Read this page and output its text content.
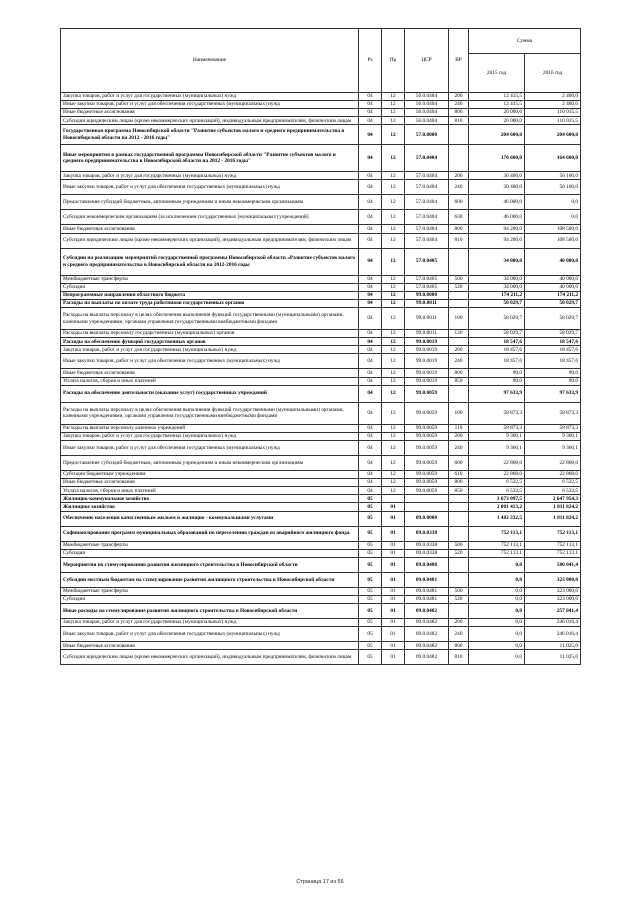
Наименование	Рз	Пр	ЦСР	ВР	Сумма	
					2015 год	2016 год
Закупка товаров, работ и услуг для государственных (муниципальных) нужд	04	12	56.0.0404	200	12 415,5	2 400,0
Иные закупки товаров, работ и услуг для обеспечения государственных (муниципальных) нужд	04	12	56.0.0404	240	12 415,5	2 400,0
Иные бюджетные ассигнования	04	12	56.0.0404	800	20 000,0	110 015,5
Субсидии юридическим лицам (кроме некоммерческих организаций), индивидуальным предпринимателям, физическим лицам	04	12	56.0.0404	810	20 000,0	110 015,5
Государственная программа Новосибирской области "Развитие субъектов малого и среднего предпринимательства в Новосибирской области на 2012 - 2016 годы"	04	12	57.0.0000		204 600,0	204 600,0
Иные мероприятия в рамках государственной программы Новосибирской области "Развитие субъектов малого и среднего предпринимательства в Новосибирской области на 2012 - 2016 годы"	04	12	57.0.0404		170 600,0	164 600,0
Закупка товаров, работ и услуг для государственных (муниципальных) нужд	04	12	57.0.0404	200	30 400,0	56 100,0
Иные закупки товаров, работ и услуг для обеспечения государственных (муниципальных) нужд	04	12	57.0.0404	240	30 400,0	56 100,0
Предоставление субсидий бюджетным, автономным учреждениям и иным некоммерческим организациям	04	12	57.0.0404	600	46 000,0	0,0
Субсидии некоммерческим организациям (за исключением государственных (муниципальных) учреждений)	04	12	57.0.0404	630	46 000,0	0,0
Иные бюджетные ассигнования	04	12	57.0.0404	800	94 200,0	108 500,0
Субсидии юридическим лицам (кроме некоммерческих организаций), индивидуальным предпринимателям, физическим лицам	04	12	57.0.0404	810	94 200,0	108 500,0
Субсидии на реализацию мероприятий государственной программы Новосибирской области «Развитие субъектов малого и среднего предпринимательства в Новосибирской области на 2012-2016 годы	04	12	57.0.0405		34 000,0	40 000,0
Межбюджетные трансферты	04	12	57.0.0405	500	34 000,0	40 000,0
Субсидии	04	12	57.0.0405	520	34 000,0	40 000,0
Непрограммные направления областного бюджета	04	12	99.0.0000		174 211,2	174 211,2
Расходы на выплаты по оплате труда работников государственных органов	04	12	99.0.0011		58 029,7	58 029,7
Расходы на выплаты персоналу в целях обеспечения выполнения функций государственными (муниципальными) органами, казенными учреждениями, органами управления государственными внебюджетными фондами	04	12	99.0.0011	100	58 029,7	58 029,7
Расходы на выплаты персоналу государственных (муниципальных) органов	04	12	99.0.0011	120	58 029,7	58 029,7
Расходы на обеспечение функций государственных органов	04	12	99.0.0019		18 547,6	18 547,6
Закупка товаров, работ и услуг для государственных (муниципальных) нужд	04	12	99.0.0019	200	18 457,6	18 457,6
Иные закупки товаров, работ и услуг для обеспечения государственных (муниципальных) нужд	04	12	99.0.0019	240	18 457,6	18 457,6
Иные бюджетные ассигнования	04	12	99.0.0019	800	90,0	90,0
Уплата налогов, сборов и иных платежей	04	12	99.0.0019	850	90,0	90,0
Расходы на обеспечение деятельности (оказание услуг) государственных учреждений	04	12	99.0.0059		97 633,9	97 633,9
Расходы на выплаты персоналу в целях обеспечения выполнения функций государственными (муниципальными) органами, казенными учреждениями, органами управления государственными внебюджетными фондами	04	12	99.0.0059	100	58 873,3	58 873,3
Расходы на выплаты персоналу казенных учреждений	04	12	99.0.0059	110	58 873,3	58 873,3
Закупка товаров, работ и услуг для государственных (муниципальных) нужд	04	12	99.0.0059	200	9 360,1	9 360,1
Иные закупки товаров, работ и услуг для обеспечения государственных (муниципальных) нужд	04	12	99.0.0059	240	9 360,1	9 360,1
Предоставление субсидий бюджетным, автономным учреждениям и иным некоммерческим организациям	04	12	99.0.0059	600	22 868,0	22 868,0
Субсидии бюджетным учреждениям	04	12	99.0.0059	610	22 868,0	22 868,0
Иные бюджетные ассигнования	04	12	99.0.0059	800	6 532,5	6 532,5
Уплата налогов, сборов и иных платежей	04	12	99.0.0059	850	6 532,5	6 532,5
Жилищно-коммунальное хозяйство	05				3 673 097,5	2 647 954,3
Жилищное хозяйство	05	01			2 001 413,2	1 811 824,2
Обеспечение населения качественным жильем и жилищно - коммунальными услугами	05	01	09.0.0000		1 482 332,5	1 811 824,2
Софинансирование программ муниципальных образований по переселению граждан из аварийного жилищного фонда	05	01	09.0.0338		752 113,1	752 113,1
Межбюджетные трансферты	05	01	09.0.0338	500	752 113,1	752 113,1
Субсидии	05	01	09.0.0338	520	752 113,1	752 113,1
Мероприятия по стимулированию развития жилищного строительства в Новосибирской области	05	01	09.0.0480		0,0	580 041,4
Субсидии местным бюджетам на стимулирование развития жилищного строительства в Новосибирской области	05	01	09.0.0481		0,0	323 000,0
Межбюджетные трансферты	05	01	09.0.0481	500	0,0	323 000,0
Субсидии	05	01	09.0.0481	520	0,0	323 000,0
Иные расходы на стимулирование развития жилищного строительства в Новосибирской области	05	01	09.0.0482		0,0	257 041,4
Закупка товаров, работ и услуг для государственных (муниципальных) нужд	05	01	09.0.0482	200	0,0	246 016,4
Иные закупки товаров, работ и услуг для обеспечения государственных (муниципальных) нужд	05	01	09.0.0482	240	0,0	246 016,4
Иные бюджетные ассигнования	05	01	09.0.0482	800	0,0	11 025,0
Субсидии юридическим лицам (кроме некоммерческих организаций), индивидуальным предпринимателям, физическим лицам	05	01	09.0.0482	810	0,0	11 025,0
Страница 17 из 56
